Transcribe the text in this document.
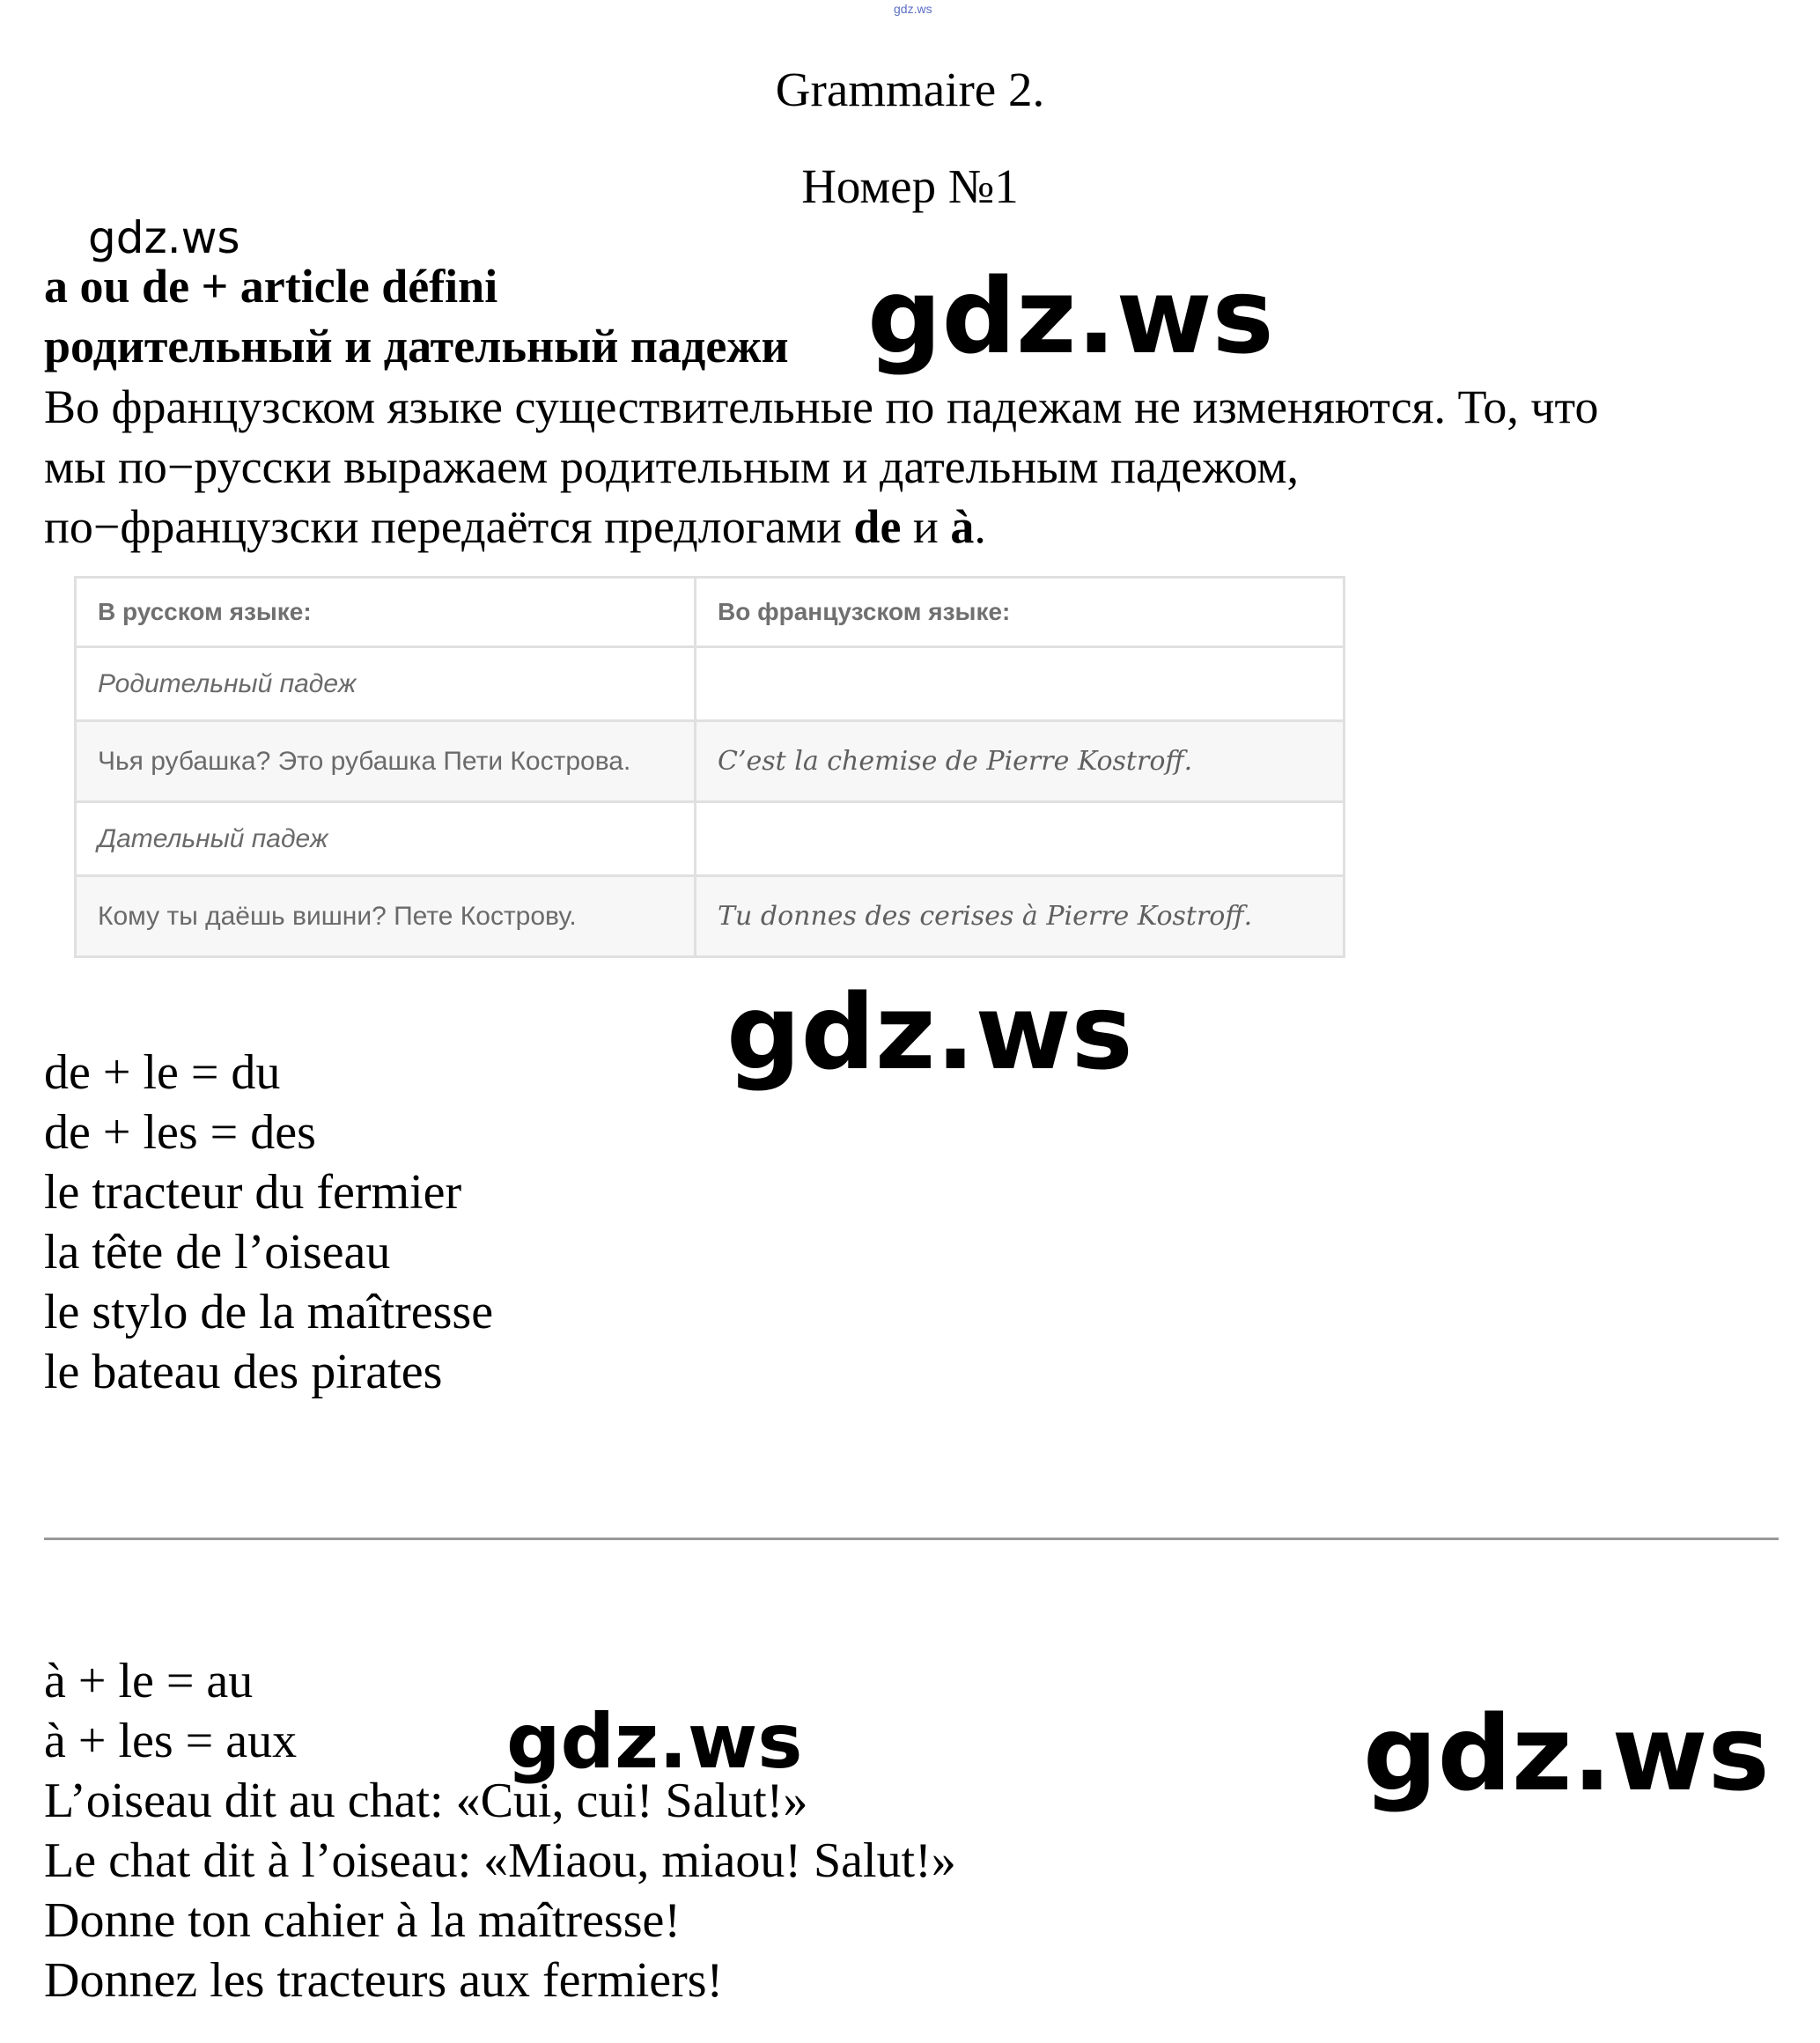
gdz.ws
Grammaire 2.
Номер №1
gdz.ws
a ou de + article défini
родительный и дательный падежи gdz.ws
Во французском языке существительные по падежам не изменяются. То, что
мы по−русски выражаем родительным и дательным падежом,
по−французски передаётся предлогами de и à.
В русском языке:	Во французском языке:
Родительный падеж	
Чья рубашка? Это рубашка Пети Кострова.	C’est la chemise de Pierre Kostroff.
Дательный падеж	
Кому ты даёшь вишни? Пете Кострову.	Tu donnes des cerises à Pierre Kostroff.
gdz.ws
de + le = du
de + les = des
le tracteur du fermier
la tête de l’oiseau
le stylo de la maîtresse
le bateau des pirates
à + le = au
à + les = aux
L’oiseau dit au chat: «Cui, cui! Salut!»
Le chat dit à l’oiseau: «Miaou, miaou! Salut!»
Donne ton cahier à la maîtresse!
Donnez les tracteurs aux fermiers!
gdz.ws	gdz.ws
